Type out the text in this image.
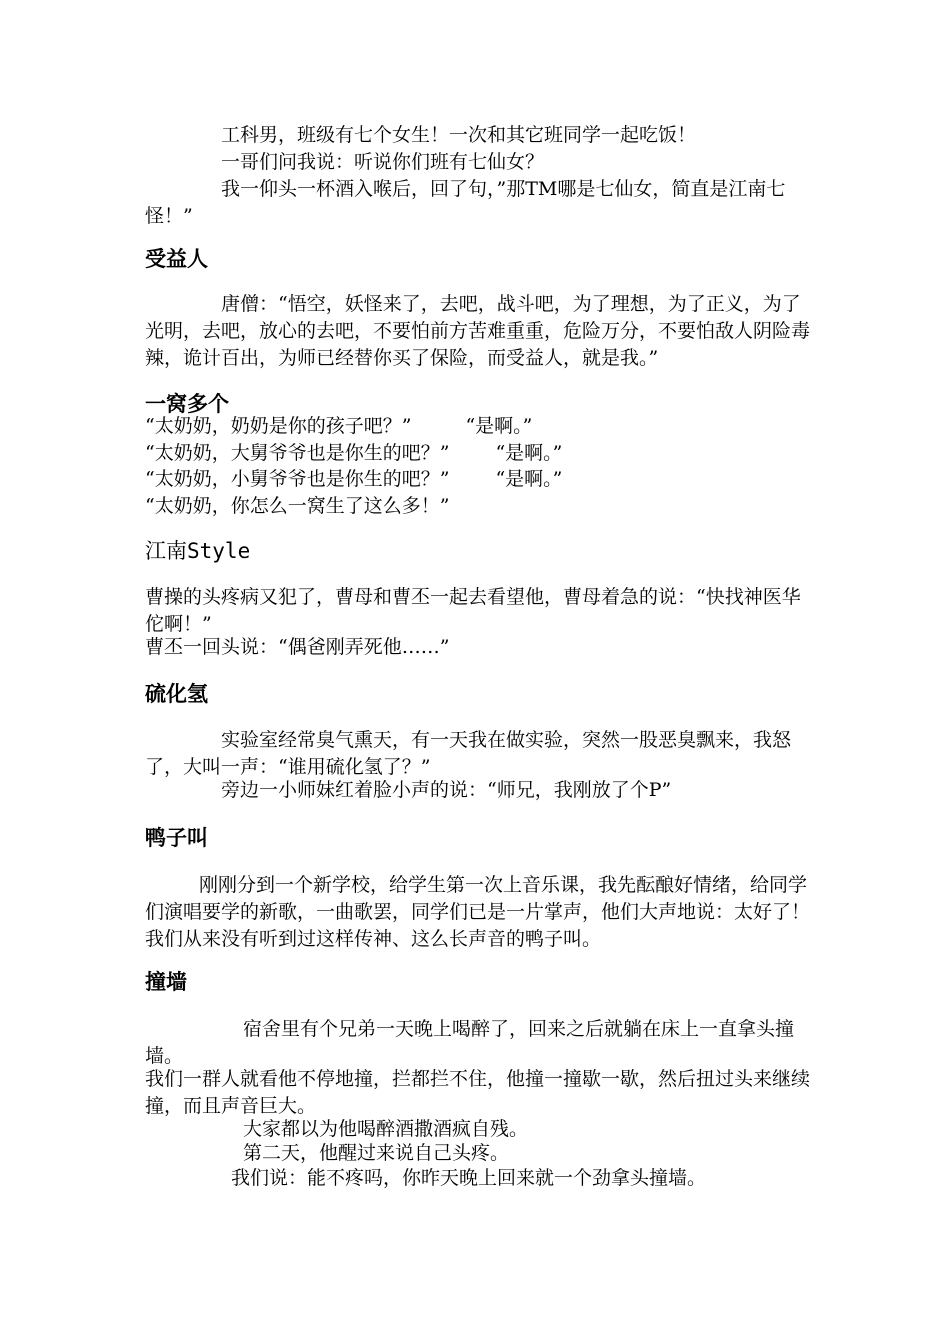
工科男，班级有七个女生！一次和其它班同学一起吃饭！

一哥们问我说：听说你们班有七仙女？

我一仰头一杯酒入喉后，回了句，”那TM哪是七仙女，简直是江南七怪！”

受益人

唐僧：“悟空，妖怪来了，去吧，战斗吧，为了理想，为了正义，为了光明，去吧，放心的去吧，不要怕前方苦难重重，危险万分，不要怕敌人阴险毒辣，诡计百出，为师已经替你买了保险，而受益人，就是我。”

一窝多个
“太奶奶，奶奶是你的孩子吧？”	“是啊。”
“太奶奶，大舅爷爷也是你生的吧？” “是啊。”
“太奶奶，小舅爷爷也是你生的吧？” “是啊。”
“太奶奶，你怎么一窝生了这么多！”
江南Style

曹操的头疼病又犯了，曹母和曹丕一起去看望他，曹母着急的说：“快找神医华佗啊！”

曹丕一回头说：“偶爸刚弄死他……”

硫化氢

实验室经常臭气熏天，有一天我在做实验，突然一股恶臭飘来，我怒了，大叫一声：“谁用硫化氢了？”

旁边一小师妹红着脸小声的说：“师兄，我刚放了个P”

鸭子叫

刚刚分到一个新学校，给学生第一次上音乐课，我先酝酿好情绪，给同学们演唱要学的新歌，一曲歌罢，同学们已是一片掌声，他们大声地说：太好了！我们从来没有听到过这样传神、这么长声音的鸭子叫。

撞墙

宿舍里有个兄弟一天晚上喝醉了，回来之后就躺在床上一直拿头撞墙。

我们一群人就看他不停地撞，拦都拦不住，他撞一撞歇一歇，然后扭过头来继续撞，而且声音巨大。

大家都以为他喝醉酒撒酒疯自残。

第二天，他醒过来说自己头疼。

我们说：能不疼吗，你昨天晚上回来就一个劲拿头撞墙。
